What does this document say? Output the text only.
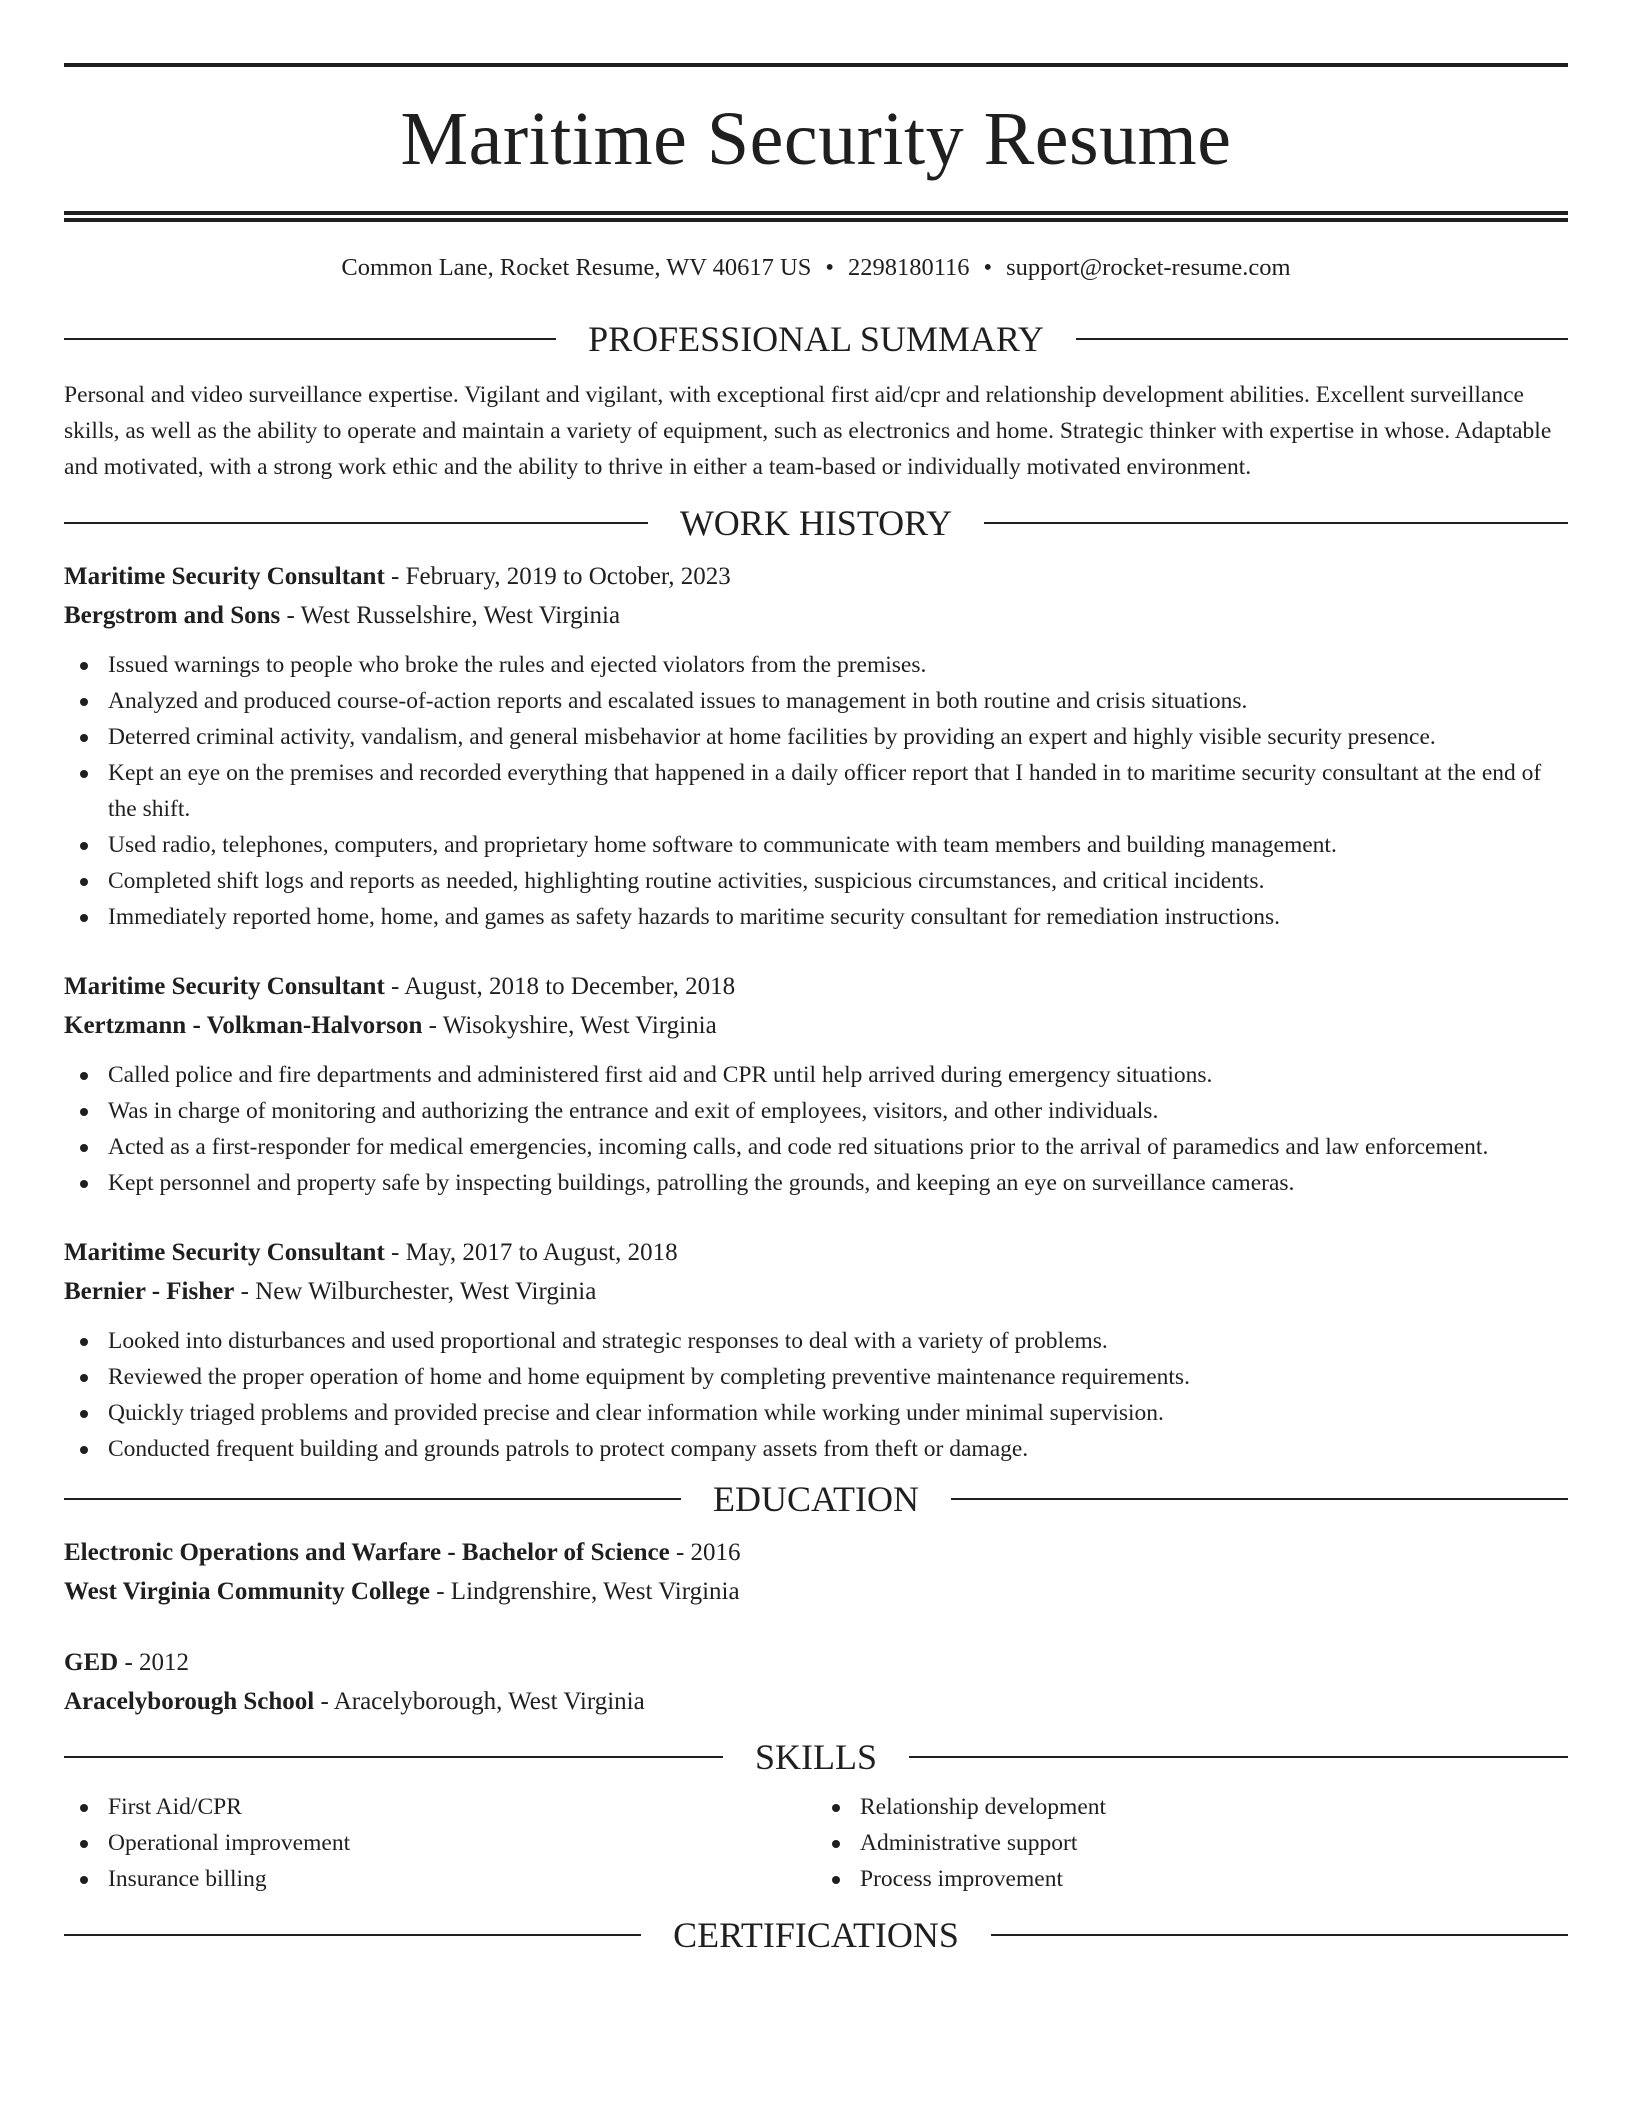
Maritime Security Resume
Common Lane, Rocket Resume, WV 40617 US • 2298180116 • support@rocket-resume.com
PROFESSIONAL SUMMARY

Personal and video surveillance expertise. Vigilant and vigilant, with exceptional first aid/cpr and relationship development abilities. Excellent surveillance skills, as well as the ability to operate and maintain a variety of equipment, such as electronics and home. Strategic thinker with expertise in whose. Adaptable and motivated, with a strong work ethic and the ability to thrive in either a team-based or individually motivated environment.

WORK HISTORY
Maritime Security Consultant - February, 2019 to October, 2023
Bergstrom and Sons - West Russelshire, West Virginia
Issued warnings to people who broke the rules and ejected violators from the premises.
Analyzed and produced course-of-action reports and escalated issues to management in both routine and crisis situations.
Deterred criminal activity, vandalism, and general misbehavior at home facilities by providing an expert and highly visible security presence.
Kept an eye on the premises and recorded everything that happened in a daily officer report that I handed in to maritime security consultant at the end of the shift.
Used radio, telephones, computers, and proprietary home software to communicate with team members and building management.
Completed shift logs and reports as needed, highlighting routine activities, suspicious circumstances, and critical incidents.
Immediately reported home, home, and games as safety hazards to maritime security consultant for remediation instructions.
Maritime Security Consultant - August, 2018 to December, 2018
Kertzmann - Volkman-Halvorson - Wisokyshire, West Virginia
Called police and fire departments and administered first aid and CPR until help arrived during emergency situations.
Was in charge of monitoring and authorizing the entrance and exit of employees, visitors, and other individuals.
Acted as a first-responder for medical emergencies, incoming calls, and code red situations prior to the arrival of paramedics and law enforcement.
Kept personnel and property safe by inspecting buildings, patrolling the grounds, and keeping an eye on surveillance cameras.
Maritime Security Consultant - May, 2017 to August, 2018
Bernier - Fisher - New Wilburchester, West Virginia
Looked into disturbances and used proportional and strategic responses to deal with a variety of problems.
Reviewed the proper operation of home and home equipment by completing preventive maintenance requirements.
Quickly triaged problems and provided precise and clear information while working under minimal supervision.
Conducted frequent building and grounds patrols to protect company assets from theft or damage.
EDUCATION
Electronic Operations and Warfare - Bachelor of Science - 2016
West Virginia Community College - Lindgrenshire, West Virginia
GED - 2012
Aracelyborough School - Aracelyborough, West Virginia
SKILLS
First Aid/CPR
Operational improvement
Insurance billing
Relationship development
Administrative support
Process improvement
CERTIFICATIONS
